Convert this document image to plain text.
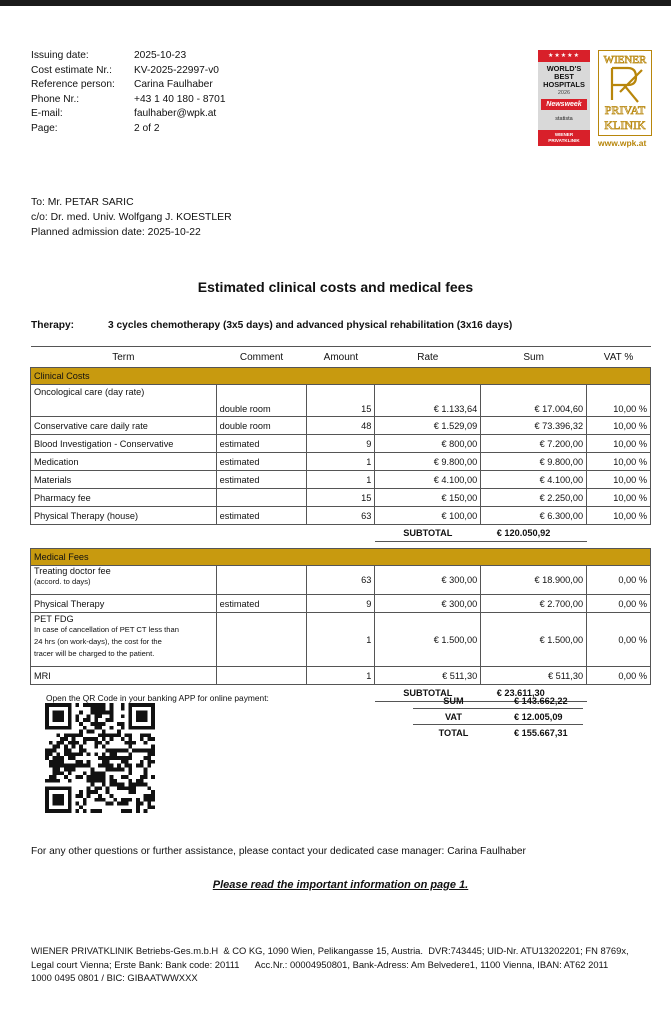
Issuing date:	2025-10-23
Cost estimate Nr.:	KV-2025-22997-v0
Reference person:	Carina Faulhaber
Phone Nr.:	+43 1 40 180 - 8701
E-mail:	faulhaber@wpk.at
Page:	2 of 2
★★★★★
WORLD'S
BEST
HOSPITALS
2026
Newsweek
statista
WIENER
PRIVATKLINIK
WIENER
PRIVAT
KLINIK
www.wpk.at
To: Mr. PETAR SARIC
c/o: Dr. med. Univ. Wolfgang J. KOESTLER
Planned admission date: 2025-10-22
Estimated clinical costs and medical fees
Therapy:	3 cycles chemotherapy (3x5 days) and advanced physical rehabilitation (3x16 days)
Term	Comment	Amount	Rate	Sum	VAT %
Clinical Costs					
Oncological care (day rate)	double room	15	€ 1.133,64	€ 17.004,60	10,00 %
Conservative care daily rate	double room	48	€ 1.529,09	€ 73.396,32	10,00 %
Blood Investigation - Conservative	estimated	9	€ 800,00	€ 7.200,00	10,00 %
Medication	estimated	1	€ 9.800,00	€ 9.800,00	10,00 %
Materials	estimated	1	€ 4.100,00	€ 4.100,00	10,00 %
Pharmacy fee		15	€ 150,00	€ 2.250,00	10,00 %
Physical Therapy (house)	estimated	63	€ 100,00	€ 6.300,00	10,00 %
			SUBTOTAL	€ 120.050,92	

Medical Fees					

Treating doctor fee
(accord. to days)		63	€ 300,00	€ 18.900,00	0,00 %
Physical Therapy	estimated	9	€ 300,00	€ 2.700,00	0,00 %

PET FDG
In case of cancellation of PET CT less than
24 hrs (on work-days), the cost for the
tracer will be charged to the patient.		1	€ 1.500,00	€ 1.500,00	0,00 %
MRI		1	€ 511,30	€ 511,30	0,00 %
			SUBTOTAL	€ 23.611,30	
Open the QR Code in your banking APP for online payment:	SUM	€ 143.662,22
VAT	€ 12.005,09
TOTAL	€ 155.667,31
For any other questions or further assistance, please contact your dedicated case manager: Carina Faulhaber
Please read the important information on page 1.
WIENER PRIVATKLINIK Betriebs-Ges.m.b.H  & CO KG, 1090 Wien, Pelikangasse 15, Austria.  DVR:743445; UID-Nr. ATU13202201; FN 8769x,
Legal court Vienna; Erste Bank: Bank code: 20111      Acc.Nr.: 00004950801, Bank-Adress: Am Belvedere1, 1100 Vienna, IBAN: AT62 2011
1000 0495 0801 / BIC: GIBAATWWXXX
